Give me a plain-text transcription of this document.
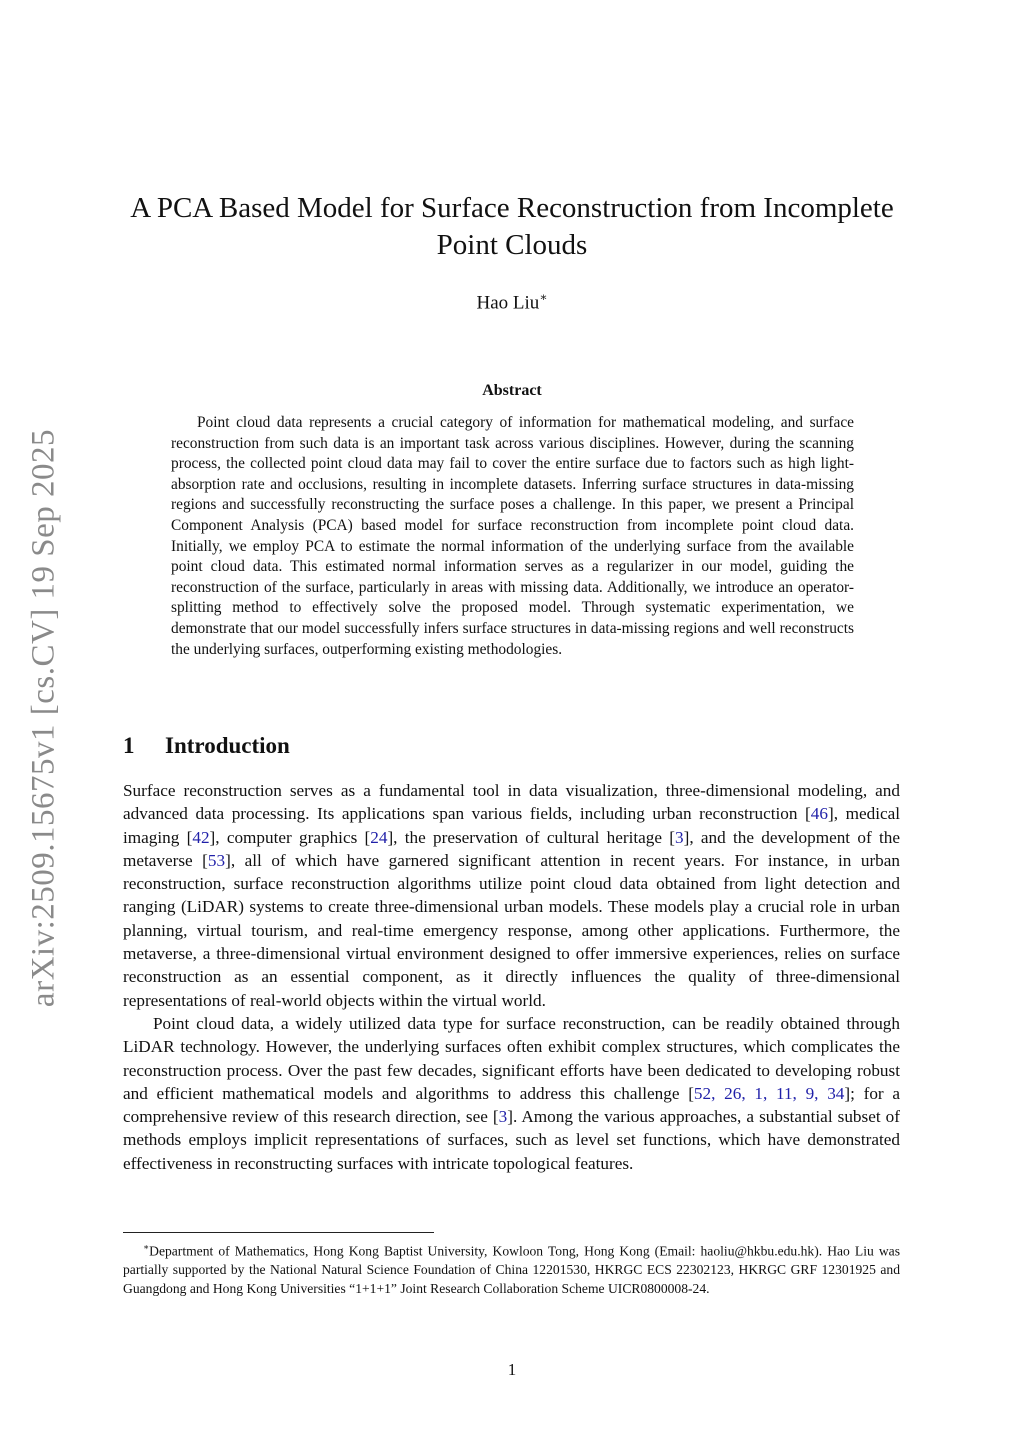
arXiv:2509.15675v1 [cs.CV] 19 Sep 2025
A PCA Based Model for Surface Reconstruction from Incomplete Point Clouds
Hao Liu∗
Abstract

Point cloud data represents a crucial category of information for mathematical modeling, and surface reconstruction from such data is an important task across various disciplines. However, during the scanning process, the collected point cloud data may fail to cover the entire surface due to factors such as high light-absorption rate and occlusions, resulting in incomplete datasets. Inferring surface structures in data-missing regions and successfully reconstructing the surface poses a challenge. In this paper, we present a Principal Component Analysis (PCA) based model for surface reconstruction from incomplete point cloud data. Initially, we employ PCA to estimate the normal information of the underlying surface from the available point cloud data. This estimated normal information serves as a regularizer in our model, guiding the reconstruction of the surface, particularly in areas with missing data. Additionally, we introduce an operator-splitting method to effectively solve the proposed model. Through systematic experimentation, we demonstrate that our model successfully infers surface structures in data-missing regions and well reconstructs the underlying surfaces, outperforming existing methodologies.

1 Introduction

Surface reconstruction serves as a fundamental tool in data visualization, three-dimensional modeling, and advanced data processing. Its applications span various fields, including urban reconstruction [46], medical imaging [42], computer graphics [24], the preservation of cultural heritage [3], and the development of the metaverse [53], all of which have garnered significant attention in recent years. For instance, in urban reconstruction, surface reconstruction algorithms utilize point cloud data obtained from light detection and ranging (LiDAR) systems to create three-dimensional urban models. These models play a crucial role in urban planning, virtual tourism, and real-time emergency response, among other applications. Furthermore, the metaverse, a three-dimensional virtual environment designed to offer immersive experiences, relies on surface reconstruction as an essential component, as it directly influences the quality of three-dimensional representations of real-world objects within the virtual world.

Point cloud data, a widely utilized data type for surface reconstruction, can be readily obtained through LiDAR technology. However, the underlying surfaces often exhibit complex structures, which complicates the reconstruction process. Over the past few decades, significant efforts have been dedicated to developing robust and efficient mathematical models and algorithms to address this challenge [52, 26, 1, 11, 9, 34]; for a comprehensive review of this research direction, see [3]. Among the various approaches, a substantial subset of methods employs implicit representations of surfaces, such as level set functions, which have demonstrated effectiveness in reconstructing surfaces with intricate topological features.

∗Department of Mathematics, Hong Kong Baptist University, Kowloon Tong, Hong Kong (Email: haoliu@hkbu.edu.hk). Hao Liu was partially supported by the National Natural Science Foundation of China 12201530, HKRGC ECS 22302123, HKRGC GRF 12301925 and Guangdong and Hong Kong Universities “1+1+1” Joint Research Collaboration Scheme UICR0800008-24.

1
